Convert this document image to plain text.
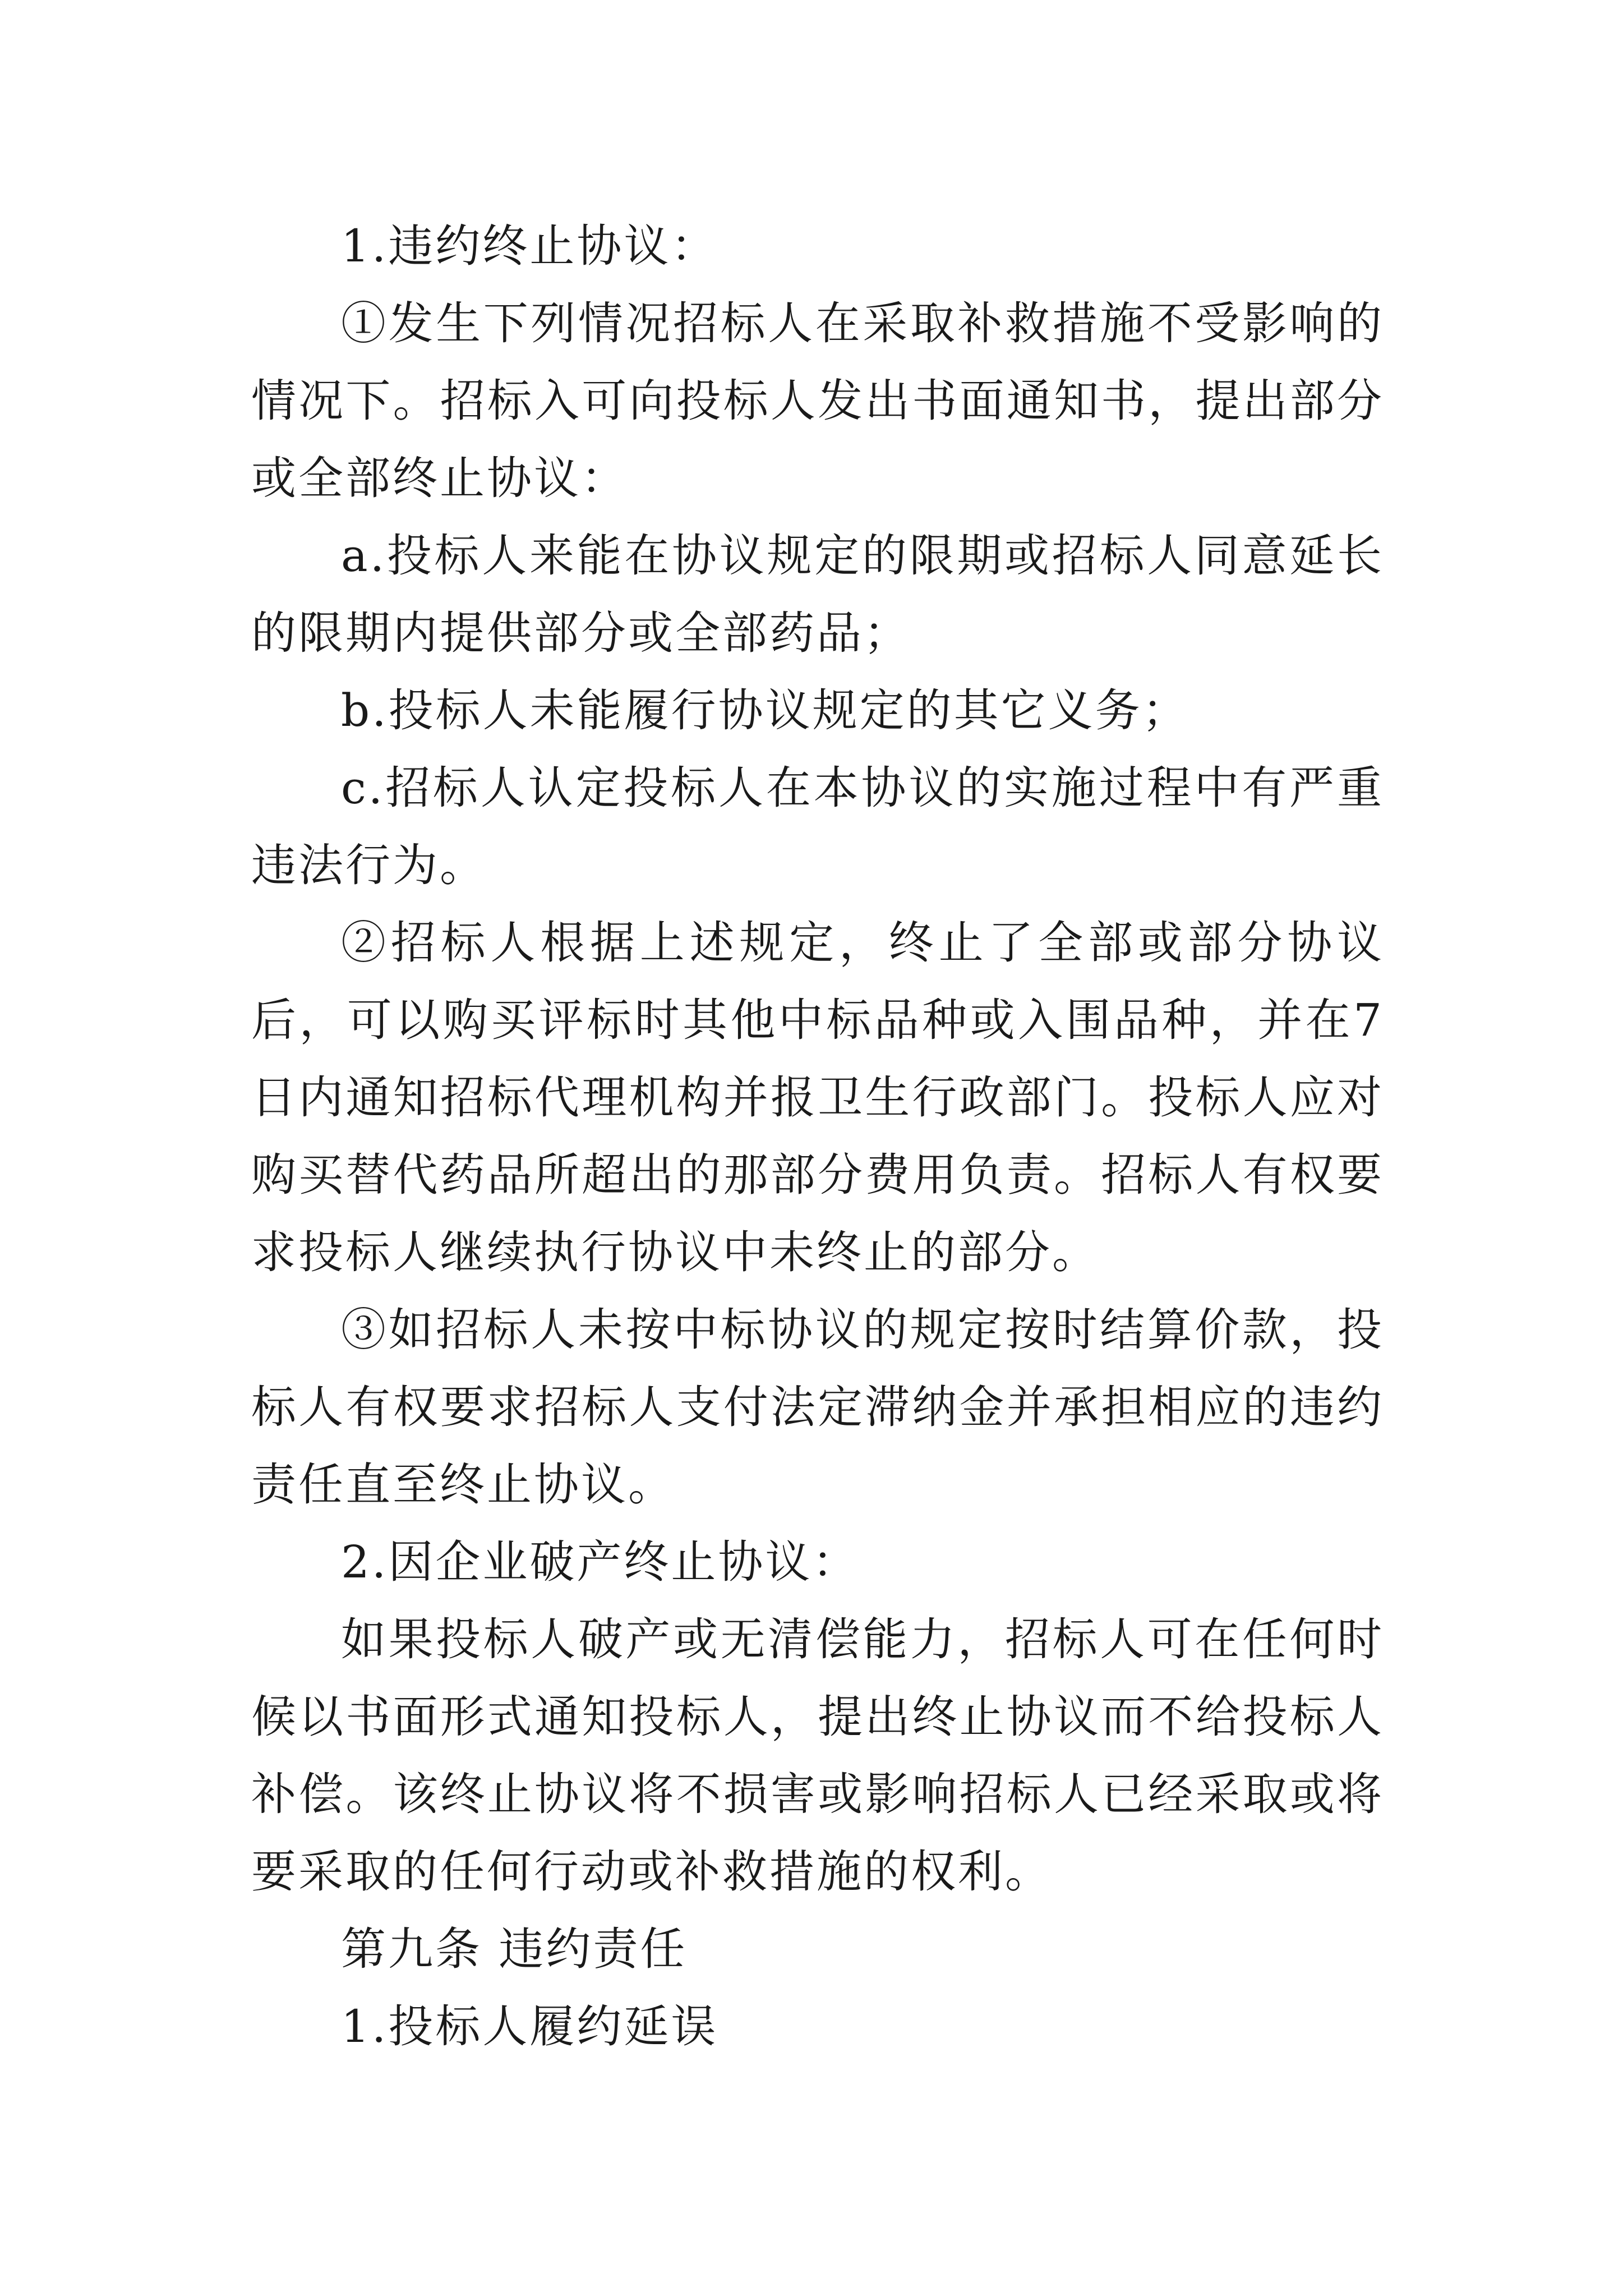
1.违约终止协议：

①发生下列情况招标人在采取补救措施不受影响的情况下。招标入可向投标人发出书面通知书，提出部分或全部终止协议：

a.投标人来能在协议规定的限期或招标人同意延长的限期内提供部分或全部药品；

b.投标人未能履行协议规定的其它义务；

c.招标人认定投标人在本协议的实施过程中有严重违法行为。

②招标人根据上述规定，终止了全部或部分协议后，可以购买评标时其他中标品种或入围品种，并在7日内通知招标代理机构并报卫生行政部门。投标人应对购买替代药品所超出的那部分费用负责。招标人有权要求投标人继续执行协议中未终止的部分。

③如招标人未按中标协议的规定按时结算价款，投标人有权要求招标人支付法定滞纳金并承担相应的违约责任直至终止协议。

2.因企业破产终止协议：

如果投标人破产或无清偿能力，招标人可在任何时候以书面形式通知投标人，提出终止协议而不给投标人补偿。该终止协议将不损害或影响招标人已经采取或将要采取的任何行动或补救措施的权利。

第九条 违约责任

1.投标人履约延误
